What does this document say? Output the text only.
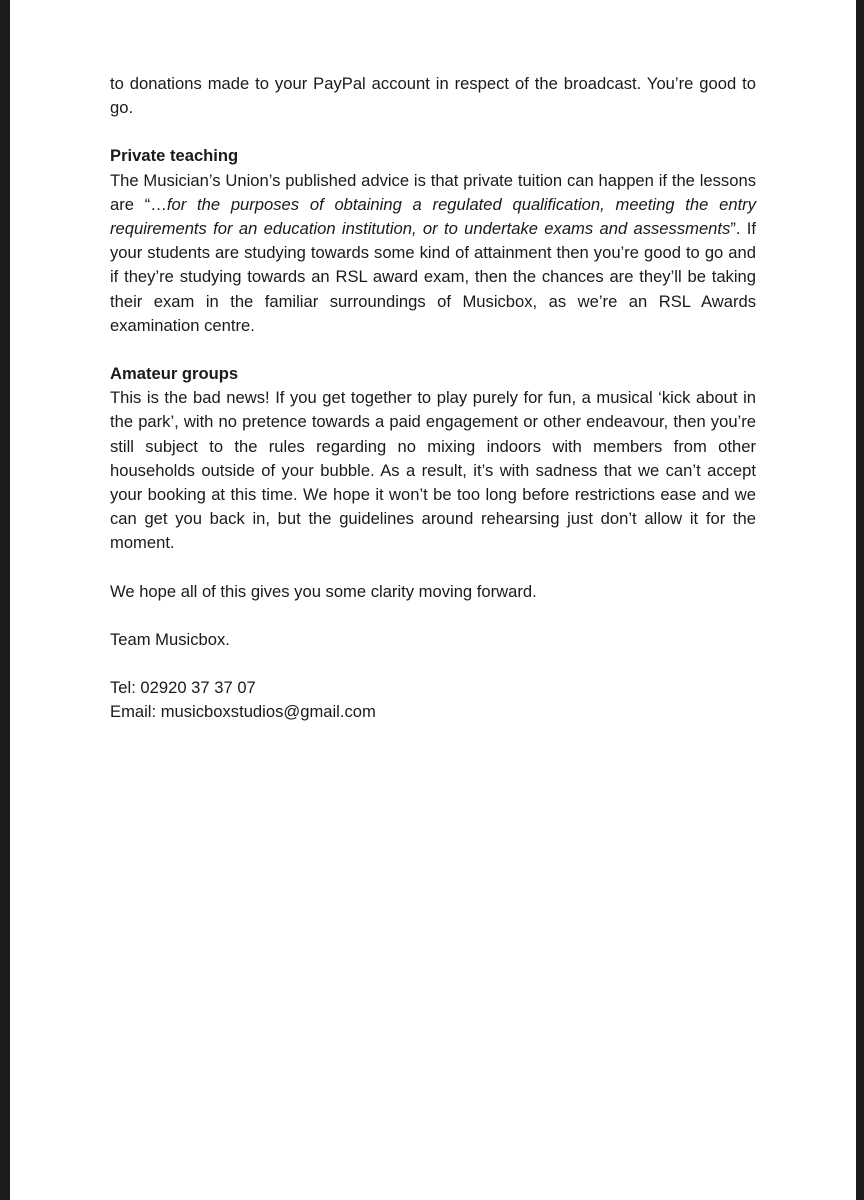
to donations made to your PayPal account in respect of the broadcast. You’re good to go.

Private teaching
The Musician’s Union’s published advice is that private tuition can happen if the lessons are “…for the purposes of obtaining a regulated qualification, meeting the entry requirements for an education institution, or to undertake exams and assessments”. If your students are studying towards some kind of attainment then you’re good to go and if they’re studying towards an RSL award exam, then the chances are they’ll be taking their exam in the familiar surroundings of Musicbox, as we’re an RSL Awards examination centre.

Amateur groups
This is the bad news! If you get together to play purely for fun, a musical ‘kick about in the park’, with no pretence towards a paid engagement or other endeavour, then you’re still subject to the rules regarding no mixing indoors with members from other households outside of your bubble. As a result, it’s with sadness that we can’t accept your booking at this time. We hope it won’t be too long before restrictions ease and we can get you back in, but the guidelines around rehearsing just don’t allow it for the moment.

We hope all of this gives you some clarity moving forward.

Team Musicbox.

Tel: 02920 37 37 07
Email: musicboxstudios@gmail.com
